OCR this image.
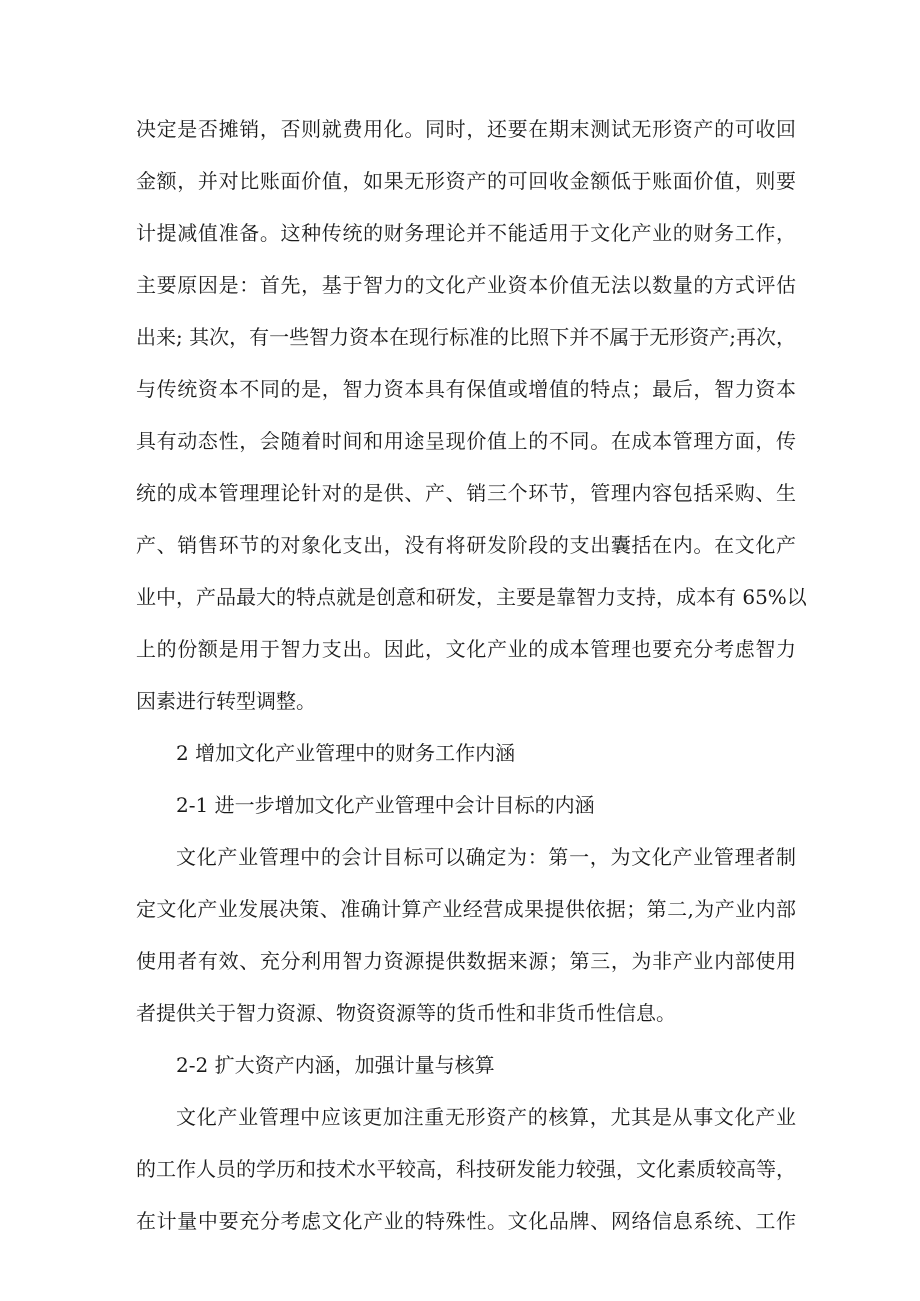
决定是否摊销，否则就费用化。同时，还要在期末测试无形资产的可收回
金额，并对比账面价值，如果无形资产的可回收金额低于账面价值，则要
计提减值准备。这种传统的财务理论并不能适用于文化产业的财务工作，
主要原因是：首先，基于智力的文化产业资本价值无法以数量的方式评估
出来; 其次，有一些智力资本在现行标准的比照下并不属于无形资产;再次，
与传统资本不同的是，智力资本具有保值或增值的特点；最后，智力资本
具有动态性，会随着时间和用途呈现价值上的不同。在成本管理方面，传
统的成本管理理论针对的是供、产、销三个环节，管理内容包括采购、生
产、销售环节的对象化支出，没有将研发阶段的支出囊括在内。在文化产
业中，产品最大的特点就是创意和研发，主要是靠智力支持，成本有 65%以
上的份额是用于智力支出。因此，文化产业的成本管理也要充分考虑智力
因素进行转型调整。
2 增加文化产业管理中的财务工作内涵
2-1 进一步增加文化产业管理中会计目标的内涵
文化产业管理中的会计目标可以确定为：第一，为文化产业管理者制
定文化产业发展决策、准确计算产业经营成果提供依据；第二,为产业内部
使用者有效、充分利用智力资源提供数据来源；第三，为非产业内部使用
者提供关于智力资源、物资资源等的货币性和非货币性信息。
2-2 扩大资产内涵，加强计量与核算
文化产业管理中应该更加注重无形资产的核算，尤其是从事文化产业
的工作人员的学历和技术水平较高，科技研发能力较强，文化素质较高等，
在计量中要充分考虑文化产业的特殊性。文化品牌、网络信息系统、工作
